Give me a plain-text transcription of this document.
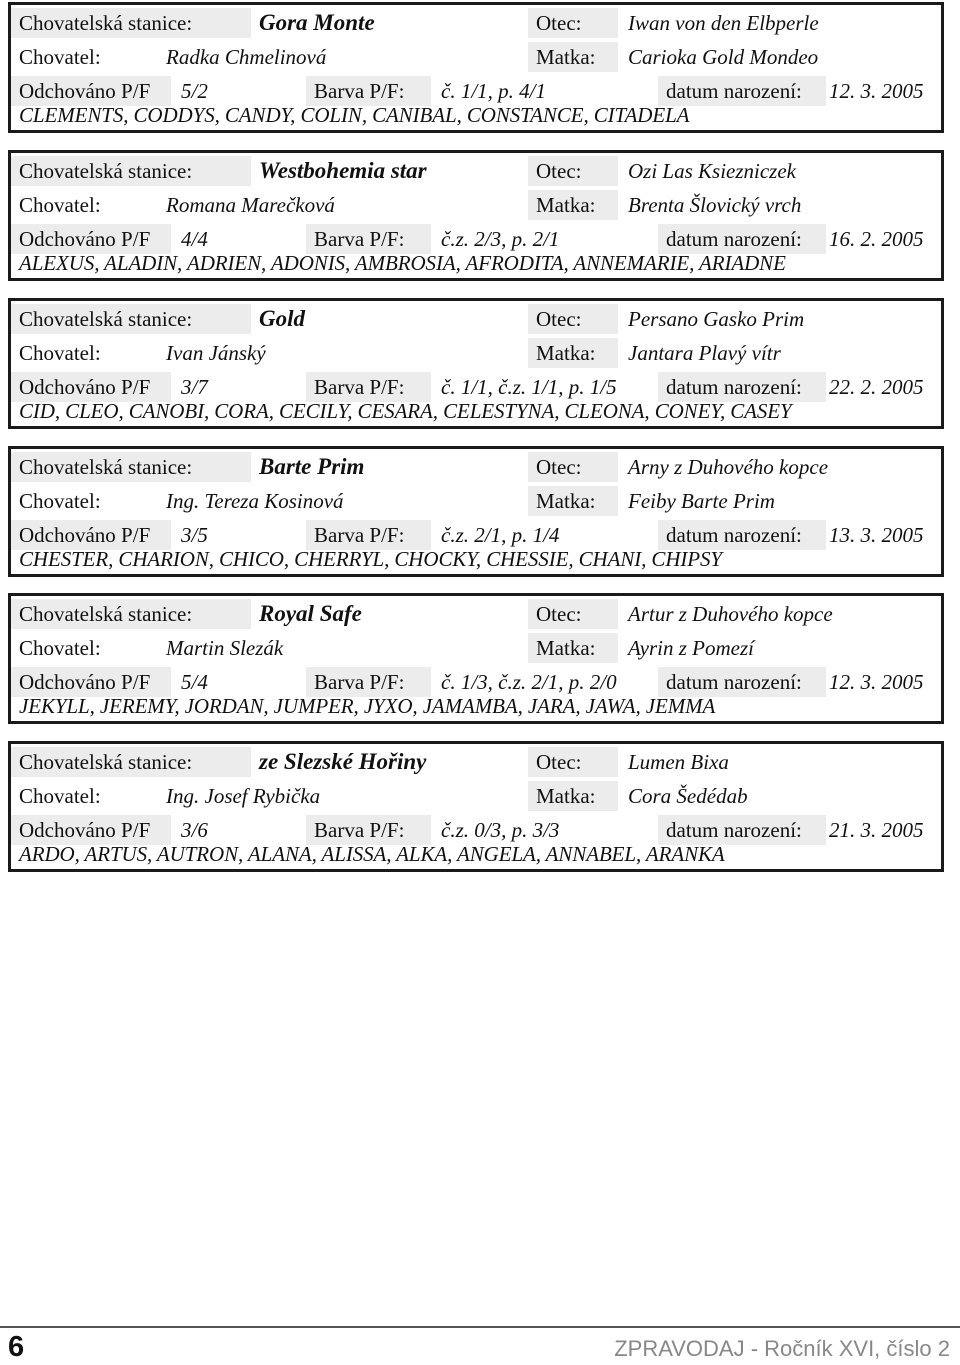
Chovatelská stanice:	Gora Monte	Otec:	Iwan von den Elbperle
Chovatel:	Radka Chmelinová	Matka:	Carioka Gold Mondeo
Odchováno P/F	5/2	Barva P/F:	č. 1/1, p. 4/1	datum narození:	12. 3. 2005
CLEMENTS, CODDYS, CANDY, COLIN, CANIBAL, CONSTANCE, CITADELA
Chovatelská stanice:	Westbohemia star	Otec:	Ozi Las Ksiezniczek
Chovatel:	Romana Marečková	Matka:	Brenta Šlovický vrch
Odchováno P/F	4/4	Barva P/F:	č.z. 2/3, p. 2/1	datum narození:	16. 2. 2005
ALEXUS, ALADIN, ADRIEN, ADONIS, AMBROSIA, AFRODITA, ANNEMARIE, ARIADNE
Chovatelská stanice:	Gold	Otec:	Persano Gasko Prim
Chovatel:	Ivan Jánský	Matka:	Jantara Plavý vítr
Odchováno P/F	3/7	Barva P/F:	č. 1/1, č.z. 1/1, p. 1/5	datum narození:	22. 2. 2005
CID, CLEO, CANOBI, CORA, CECILY, CESARA, CELESTYNA, CLEONA, CONEY, CASEY
Chovatelská stanice:	Barte Prim	Otec:	Arny z Duhového kopce
Chovatel:	Ing. Tereza Kosinová	Matka:	Feiby Barte Prim
Odchováno P/F	3/5	Barva P/F:	č.z. 2/1, p. 1/4	datum narození:	13. 3. 2005
CHESTER, CHARION, CHICO, CHERRYL, CHOCKY, CHESSIE, CHANI, CHIPSY
Chovatelská stanice:	Royal Safe	Otec:	Artur z Duhového kopce
Chovatel:	Martin Slezák	Matka:	Ayrin z Pomezí
Odchováno P/F	5/4	Barva P/F:	č. 1/3, č.z. 2/1, p. 2/0	datum narození:	12. 3. 2005
JEKYLL, JEREMY, JORDAN, JUMPER, JYXO, JAMAMBA, JARA, JAWA, JEMMA
Chovatelská stanice:	ze Slezské Hořiny	Otec:	Lumen Bixa
Chovatel:	Ing. Josef Rybička	Matka:	Cora Šedédab
Odchováno P/F	3/6	Barva P/F:	č.z. 0/3, p. 3/3	datum narození:	21. 3. 2005
ARDO, ARTUS, AUTRON, ALANA, ALISSA, ALKA, ANGELA, ANNABEL, ARANKA
6	ZPRAVODAJ - Ročník XVI, číslo 2
